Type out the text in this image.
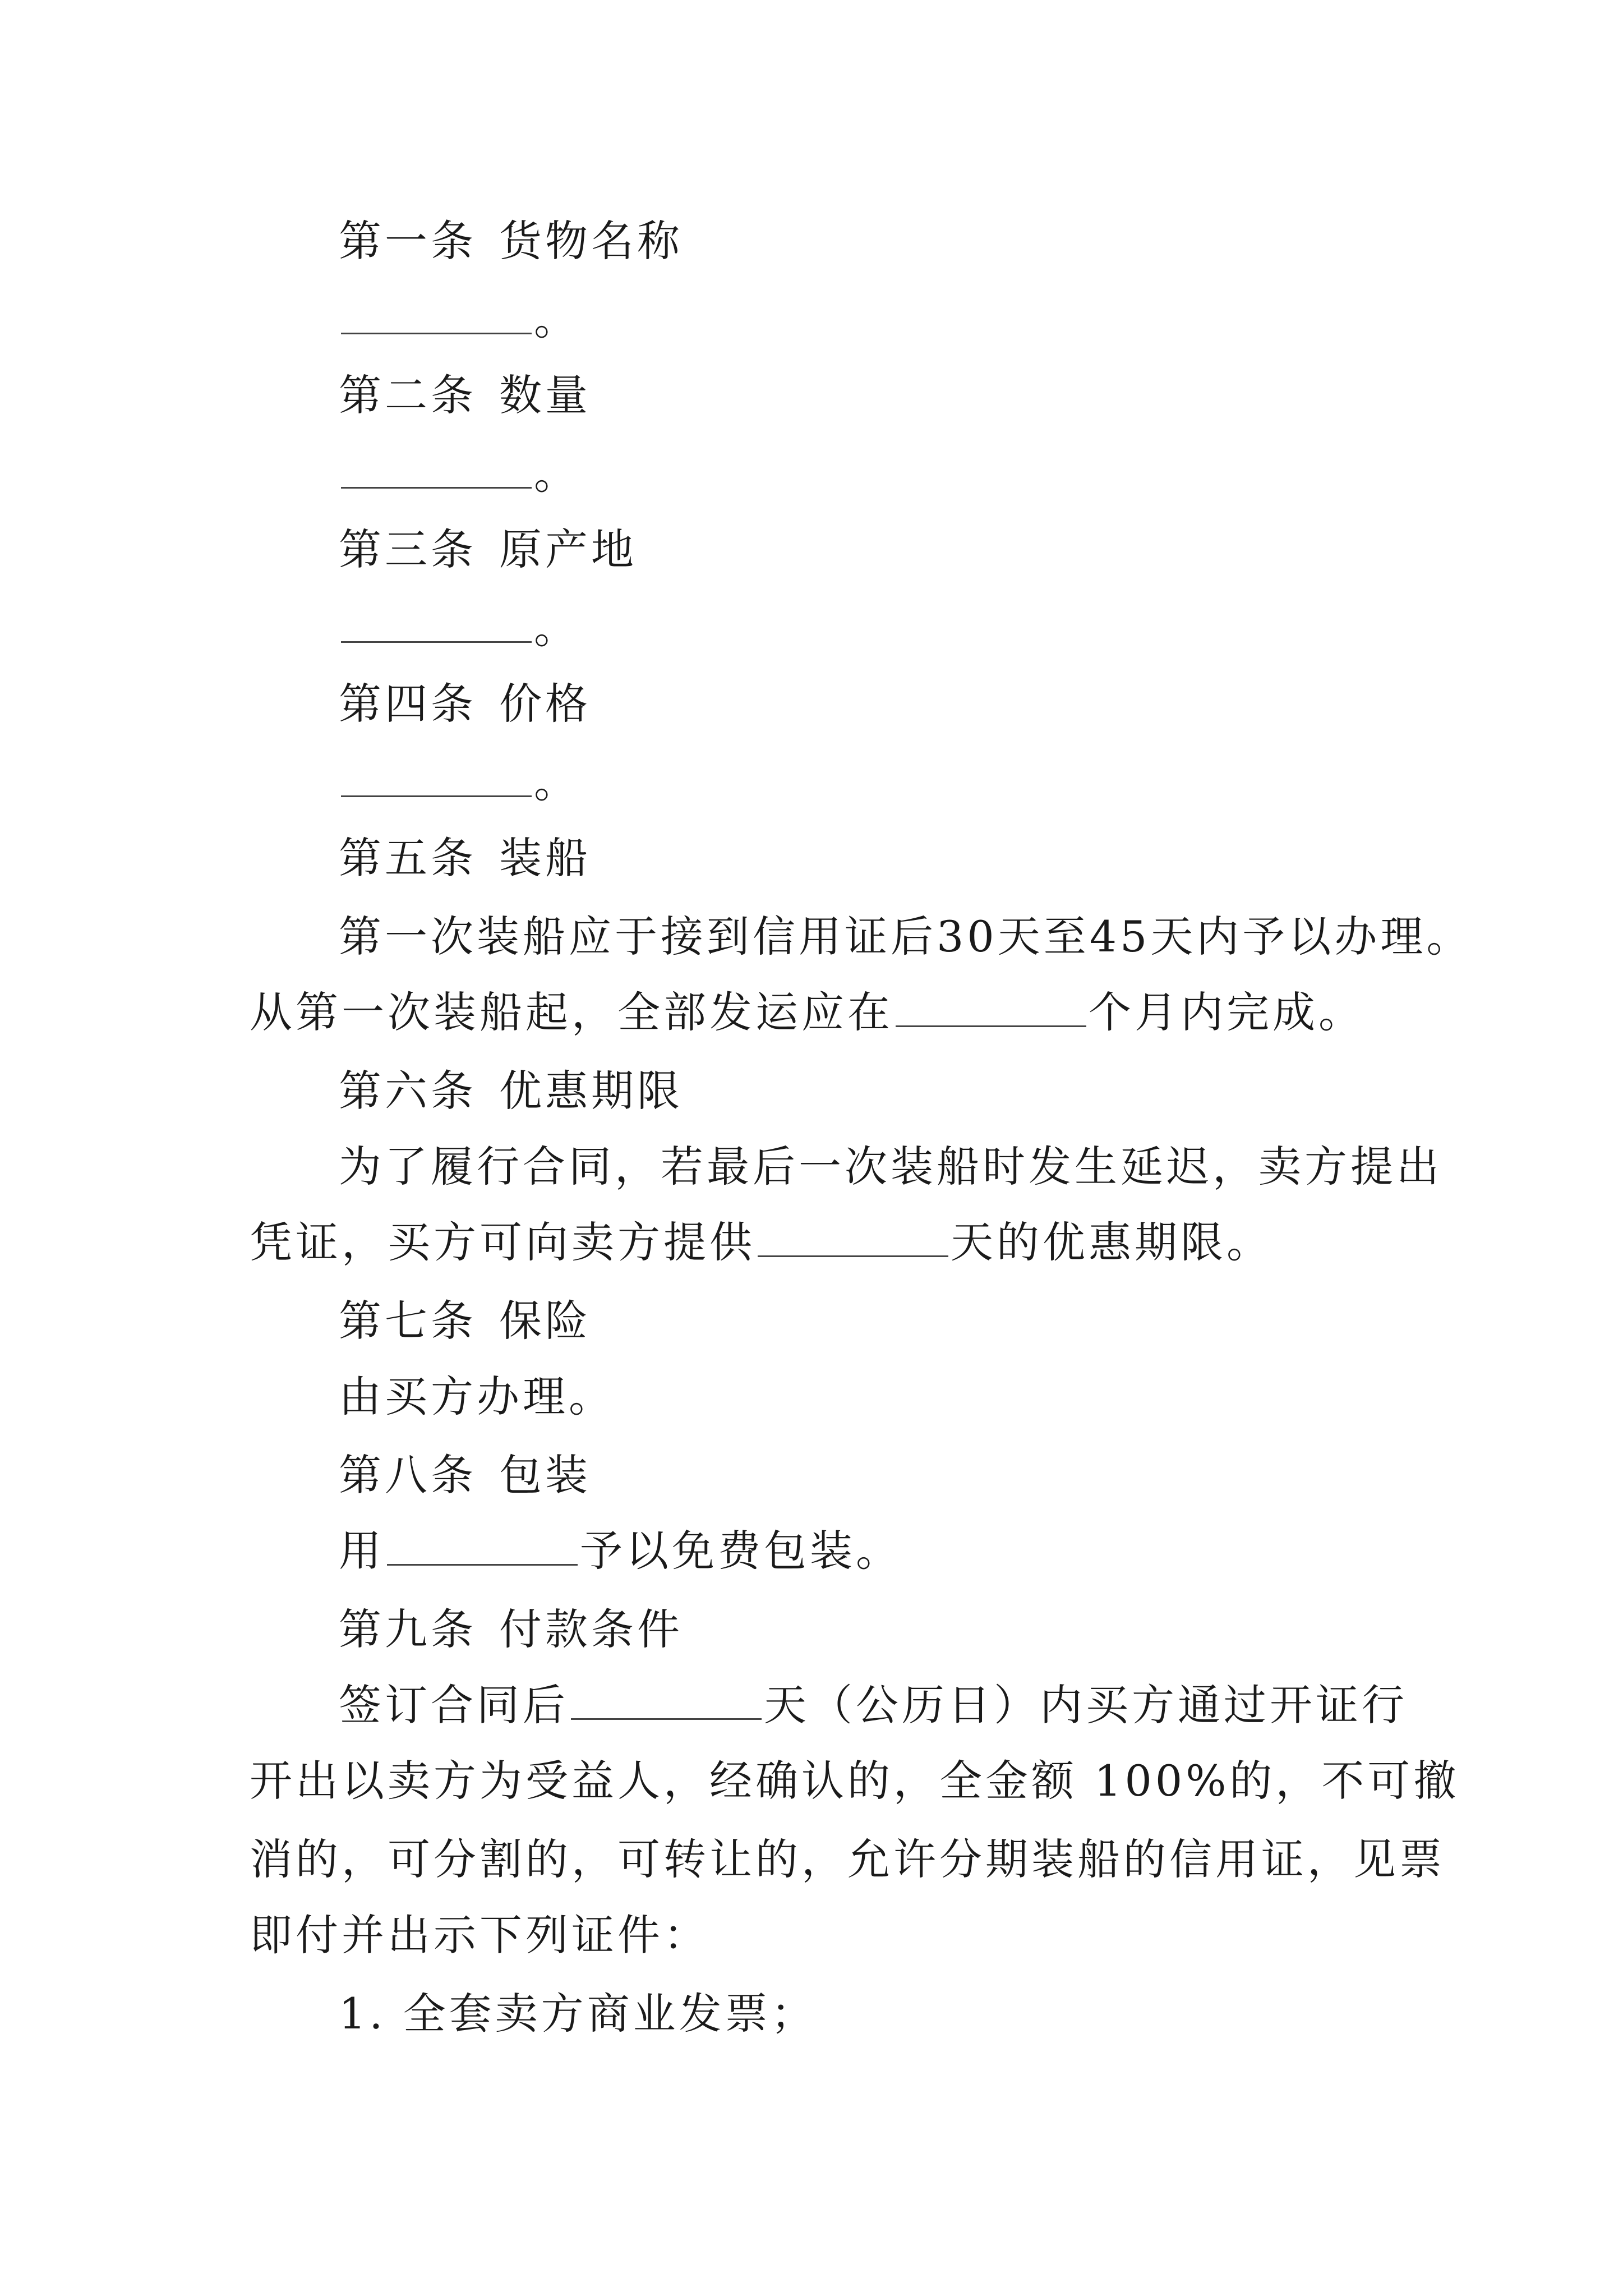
第一条 货物名称
。
第二条 数量
。
第三条 原产地
。
第四条 价格
。
第五条 装船
第一次装船应于接到信用证后30天至45天内予以办理。
从第一次装船起，全部发运应在	个月内完成。
第六条 优惠期限
为了履行合同，若最后一次装船时发生延迟，卖方提出
凭证，买方可向卖方提供	天的优惠期限。
第七条 保险
由买方办理。
第八条 包装
用	予以免费包装。
第九条 付款条件
签订合同后	天（公历日）内买方通过开证行
开出以卖方为受益人，经确认的，全金额 100%的，不可撤
消的，可分割的，可转让的，允许分期装船的信用证，见票
即付并出示下列证件：
1. 全套卖方商业发票；
